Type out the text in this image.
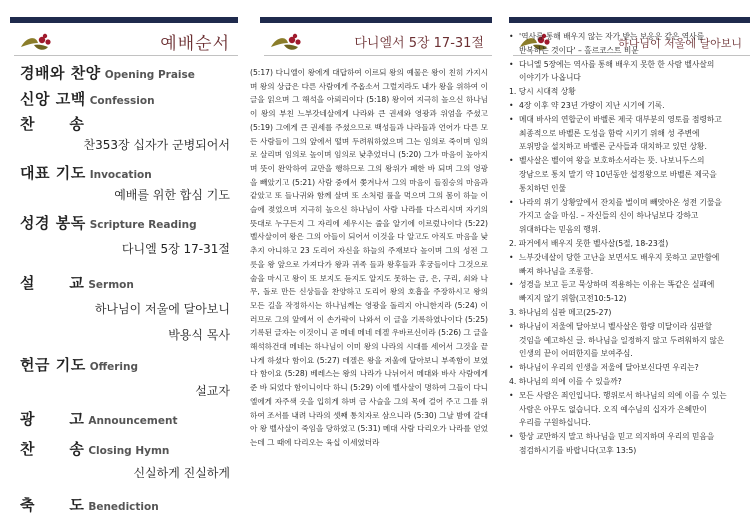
예배순서
경배와 찬양 Opening Praise
신앙 고백 Confession
찬      송
찬353장 십자가 군병되어서
대표 기도 Invocation
예배를 위한 합심 기도
성경 봉독 Scripture Reading
다니엘 5장 17-31절
설      교 Sermon
하나님이 저울에 달아보니
박용식 목사
헌금 기도 Offering
설교자
광      고 Announcement
찬      송 Closing Hymn
신실하게 진실하게
축      도 Benediction
다니엘서 5장 17-31절
(5:17) 다니엘이 왕에게 대답하여 이르되 왕의 예물은 왕이 친히 가지시며 왕의 상급은 다른 사람에게 주옵소서 그럴지라도 내가 왕을 위하여 이 글을 읽으며 그 해석을 아뢰리이다 (5:18) 왕이여 지극히 높으신 하나님이 왕의 부친 느부갓네살에게 나라와 큰 권세와 영광과 위엄을 주셨고 (5:19) 그에게 큰 권세를 주셨으므로 백성들과 나라들과 언어가 다른 모든 사람들이 그의 앞에서 떨며 두려워하였으며 그는 임의로 죽이며 임의로 살리며 임의로 높이며 임의로 낮추었더니 (5:20) 그가 마음이 높아지며 뜻이 완악하여 교만을 행하므로 그의 왕위가 폐한 바 되며 그의 영광을 빼았기고 (5:21) 사람 중에서 쫓겨나서 그의 마음이 들짐승의 마음과 같았고 또 들나귀와 함께 살며 또 소처럼 풀을 먹으며 그의 몸이 하늘 이슬에 젖었으며 지극히 높으신 하나님이 사람 나라를 다스리시며 자기의 뜻대로 누구든지 그 자리에 세우시는 줄을 알기에 이르렀나이다 (5:22) 벨사살이여 왕은 그의 아들이 되어서 이것을 다 알고도 아직도 마음을 낮추지 아니하고 23 도리어 자신을 하늘의 주재보다 높이며 그의 성전 그릇을 왕 앞으로 가져다가 왕과 귀족 들과 왕후들과 후궁들이다 그것으로 술을 마시고 왕이 또 보지도 듣지도 알지도 못하는 금, 은, 구리, 쇠와 나무, 돌로 만든 신상들을 찬양하고 도리어 왕의 호흡을 주장하시고 왕의 모든 길을 작정하시는 하나님께는 영광을 돌리지 아니한지라 (5:24) 이러므로 그의 앞에서 이 손가락이 나와서 이 글을 기록하였나이다 (5:25) 기록된 글자는 이것이니 곧 메네 메네 데겔 우바르신이라 (5:26) 그 글을 해석하건대 메네는 하나님이 이미 왕의 나라의 시대를 세어서 그것을 끝나게 하셨다 함이요 (5:27) 데겔은 왕을 저울에 달아보니 부족함이 보였다 함이요 (5:28) 베레스는 왕의 나라가 나뉘어서 메대와 바사 사람에게 준 바 되었다 함이니이다 하니 (5:29) 이에 벨사살이 명하여 그들이 다니엘에게 자주색 옷을 입히게 하며 금 사슬을 그의 목에 걸어 주고 그를 위하여 조서를 내려 나라의 셋째 통치자로 삼으니라 (5:30) 그날 밤에 갈대아 왕 벨사살이 죽임을 당하였고 (5:31) 메대 사람 다리오가 나라를 얻었는데 그 때에 다리오는 육십 이세였더라
하나님이 저울에 달아보니
• '역사를 통해 배우지 않는 자가 받는 보응은 같은 역사를
반복하는 것이다' – 홀르코스트 비문
• 다니엘 5장에는 역사를 통해 배우지 못한 한 사람 벨사살의
이야기가 나옵니다
1. 당시 시대적 상황
• 4장 이후 약 23년 가량이 지난 시기에 기록.
• 메대 바사의 연합군이 바벨론 제국 대부분의 영토를 점령하고
최종적으로 바벨론 도성을 함락 시키기 위해 성 주변에
포위망을 설치하고 바벨론 군사들과 대치하고 있던 상황.
• 벨사살은 벨이여 왕을 보호하소서라는 뜻. 나보니두스의
장남으로 통치 말기 약 10년동안 섭정왕으로 바벨론 제국을
통치하던 인물
• 나라의 위기 상황앞에서 잔치를 벌이며 빼앗아온 성전 기물을
가지고 술을 마심. – 자신들의 신이 하나님보다 강하고
위대하다는 믿음의 행위.
2. 파거에서 배우지 못한 벨사살(5절, 18-23절)
• 느부갓네살이 당한 고난을 보면서도 배우지 못하고 교만함에
빠져 하나님을 조롱함.
• 성경을 보고 듣고 묵상하며 적용하는 이유는 똑같은 실패에
빠지지 않기 위함(고전10:5-12)
3. 하나님의 심판 메고(25-27)
• 하나님이 저울에 달아보니 벨사살은 함량 미달이라 심판할
것임을 예고하신 글. 하나님을 일정하지 않고 두려워하지 않은
인생의 끝이 어떠한지를 보여주심.
• 하나님이 우리의 인생을 저울에 달아보신다면 우리는?
4. 하나님의 의에 이를 수 있을까?
• 모든 사람은 죄인입니다. 행위로서 하나님의 의에 이를 수 있는
사람은 아무도 없습니다. 오직 예수님의 십자가 은혜만이
우리를 구원하십니다.
• 항상 교만하지 말고 하나님을 믿고 의지하며 우리의 믿음을
점검하시기를 바랍니다(고후 13:5)
